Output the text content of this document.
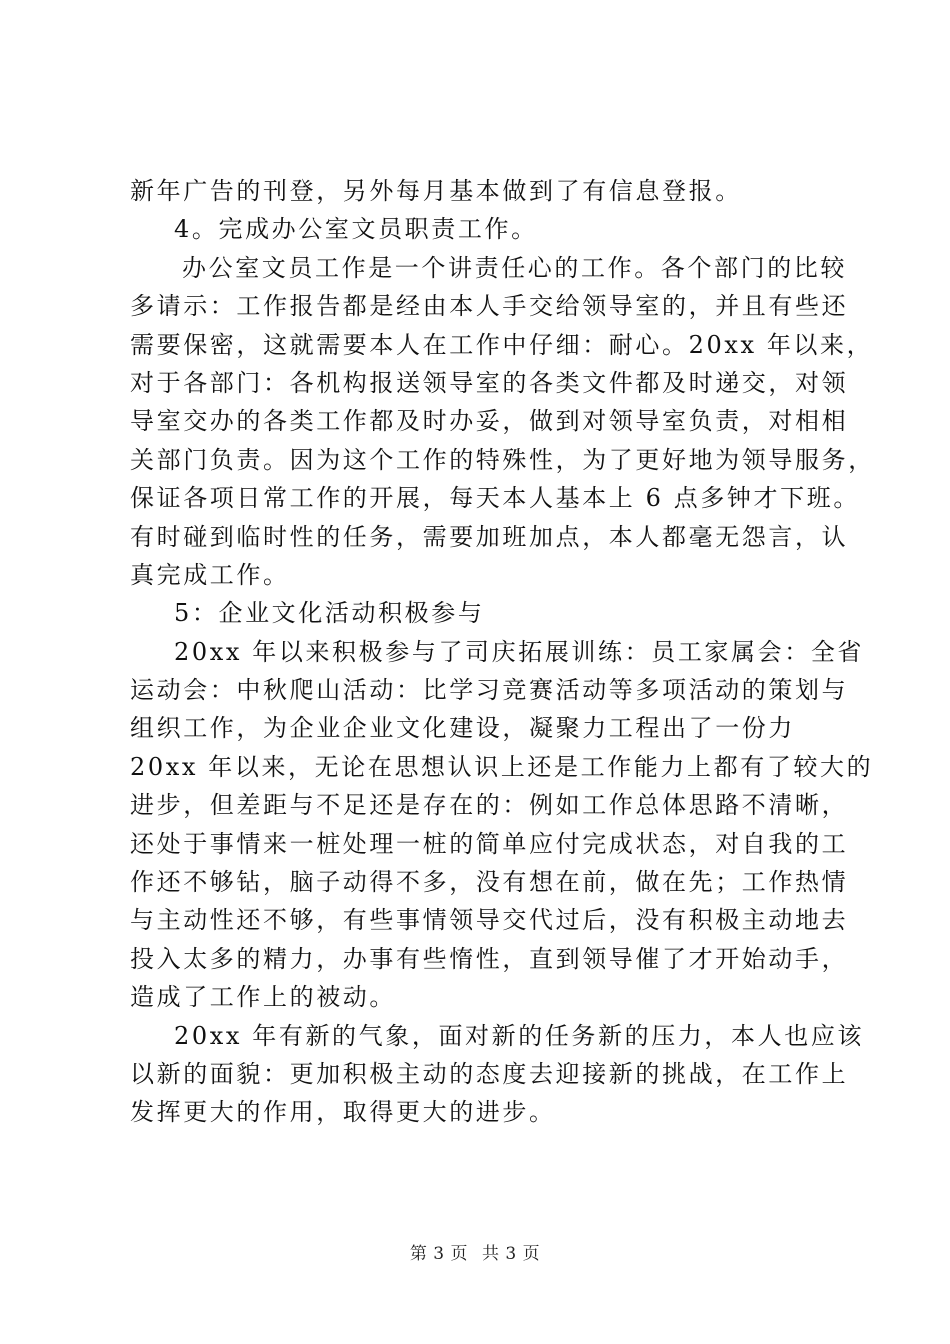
新年广告的刊登，另外每月基本做到了有信息登报。
4。完成办公室文员职责工作。
办公室文员工作是一个讲责任心的工作。各个部门的比较
多请示：工作报告都是经由本人手交给领导室的，并且有些还
需要保密，这就需要本人在工作中仔细：耐心。20xx 年以来，
对于各部门：各机构报送领导室的各类文件都及时递交，对领
导室交办的各类工作都及时办妥，做到对领导室负责，对相相
关部门负责。因为这个工作的特殊性，为了更好地为领导服务，
保证各项日常工作的开展，每天本人基本上 6 点多钟才下班。
有时碰到临时性的任务，需要加班加点，本人都毫无怨言，认
真完成工作。
5：企业文化活动积极参与
20xx 年以来积极参与了司庆拓展训练：员工家属会：全省
运动会：中秋爬山活动：比学习竞赛活动等多项活动的策划与
组织工作，为企业企业文化建设，凝聚力工程出了一份力
20xx 年以来，无论在思想认识上还是工作能力上都有了较大的
进步，但差距与不足还是存在的：例如工作总体思路不清晰，
还处于事情来一桩处理一桩的简单应付完成状态，对自我的工
作还不够钻，脑子动得不多，没有想在前，做在先；工作热情
与主动性还不够，有些事情领导交代过后，没有积极主动地去
投入太多的精力，办事有些惰性，直到领导催了才开始动手，
造成了工作上的被动。
20xx 年有新的气象，面对新的任务新的压力，本人也应该
以新的面貌：更加积极主动的态度去迎接新的挑战，在工作上
发挥更大的作用，取得更大的进步。
第 3 页 共 3 页
